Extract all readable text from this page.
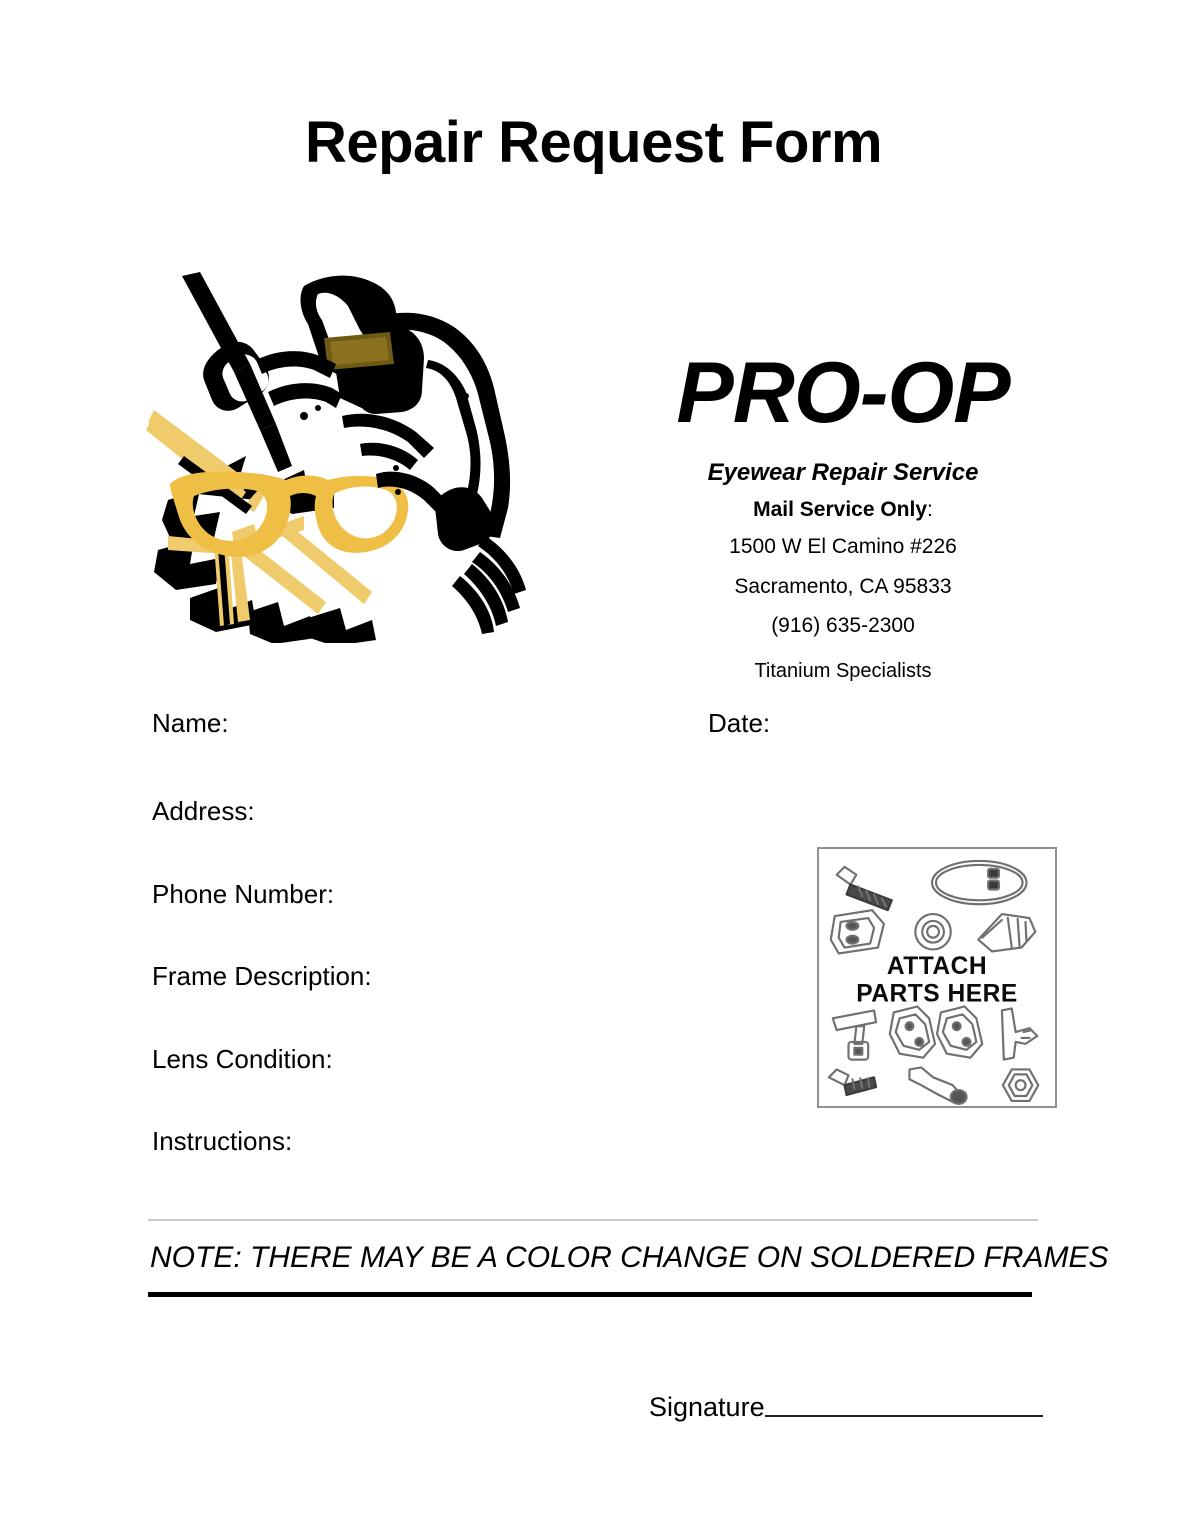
Repair Request Form
PRO-OP
Eyewear Repair Service
Mail Service Only:
1500 W El Camino #226
Sacramento, CA 95833
(916) 635-2300
Titanium Specialists
Name:	Date:
Address:
Phone Number:
Frame Description:
Lens Condition:
Instructions:
ATTACH
PARTS HERE
NOTE: THERE MAY BE A COLOR CHANGE ON SOLDERED FRAMES
Signature
